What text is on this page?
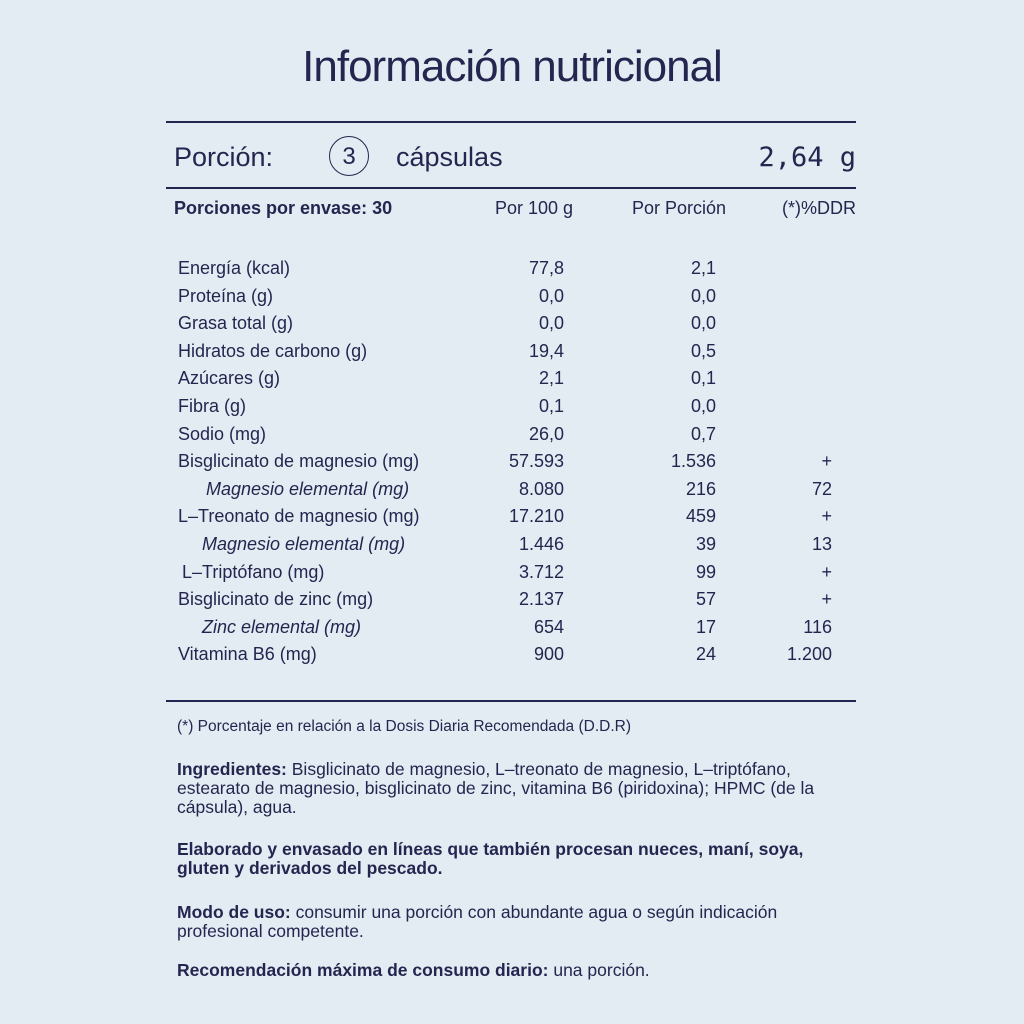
Información nutricional
Porción:	3	cápsulas	2,64 g
Porciones por envase: 30	Por 100 g	Por Porción	(*)%DDR
Energía (kcal)	77,8	2,1
Proteína (g)	0,0	0,0
Grasa total (g)	0,0	0,0
Hidratos de carbono (g)	19,4	0,5
Azúcares (g)	2,1	0,1
Fibra (g)	0,1	0,0
Sodio (mg)	26,0	0,7
Bisglicinato de magnesio (mg)	57.593	1.536	+
Magnesio elemental (mg)	8.080	216	72
L–Treonato de magnesio (mg)	17.210	459	+
Magnesio elemental (mg)	1.446	39	13
L–Triptófano (mg)	3.712	99	+
Bisglicinato de zinc (mg)	2.137	57	+
Zinc elemental (mg)	654	17	116
Vitamina B6 (mg)	900	24	1.200
(*) Porcentaje en relación a la Dosis Diaria Recomendada (D.D.R)
Ingredientes: Bisglicinato de magnesio, L–treonato de magnesio, L–triptófano, estearato de magnesio, bisglicinato de zinc, vitamina B6 (piridoxina); HPMC (de la cápsula), agua.
Elaborado y envasado en líneas que también procesan nueces, maní, soya, gluten y derivados del pescado.
Modo de uso: consumir una porción con abundante agua o según indicación profesional competente.
Recomendación máxima de consumo diario: una porción.
